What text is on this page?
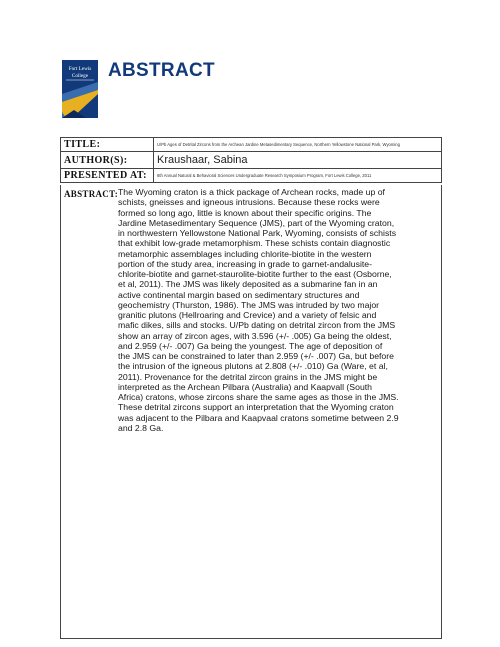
Fort Lewis
College ABSTRACT
TITLE:	U/Pb Ages of Detrital Zircons from the Archean Jardine Metasedimentary Sequence, Northern Yellowstone National Park, Wyoming
AUTHOR(S):	Kraushaar, Sabina
PRESENTED AT:	6th Annual Natural & Behavioral Sciences Undergraduate Research Symposium Program, Fort Lewis College, 2011
ABSTRACT: The Wyoming craton is a thick package of Archean rocks, made up of
schists, gneisses and igneous intrusions. Because these rocks were
formed so long ago, little is known about their specific origins. The
Jardine Metasedimentary Sequence (JMS), part of the Wyoming craton,
in northwestern Yellowstone National Park, Wyoming, consists of schists
that exhibit low-grade metamorphism. These schists contain diagnostic
metamorphic assemblages including chlorite-biotite in the western
portion of the study area, increasing in grade to garnet-andalusite-
chlorite-biotite and garnet-staurolite-biotite further to the east (Osborne,
et al, 2011). The JMS was likely deposited as a submarine fan in an
active continental margin based on sedimentary structures and
geochemistry (Thurston, 1986). The JMS was intruded by two major
granitic plutons (Hellroaring and Crevice) and a variety of felsic and
mafic dikes, sills and stocks. U/Pb dating on detrital zircon from the JMS
show an array of zircon ages, with 3.596 (+/- .005) Ga being the oldest,
and 2.959 (+/- .007) Ga being the youngest. The age of deposition of
the JMS can be constrained to later than 2.959 (+/- .007) Ga, but before
the intrusion of the igneous plutons at 2.808 (+/- .010) Ga (Ware, et al,
2011). Provenance for the detrital zircon grains in the JMS might be
interpreted as the Archean Pilbara (Australia) and Kaapvall (South
Africa) cratons, whose zircons share the same ages as those in the JMS.
These detrital zircons support an interpretation that the Wyoming craton
was adjacent to the Pilbara and Kaapvaal cratons sometime between 2.9
and 2.8 Ga.
